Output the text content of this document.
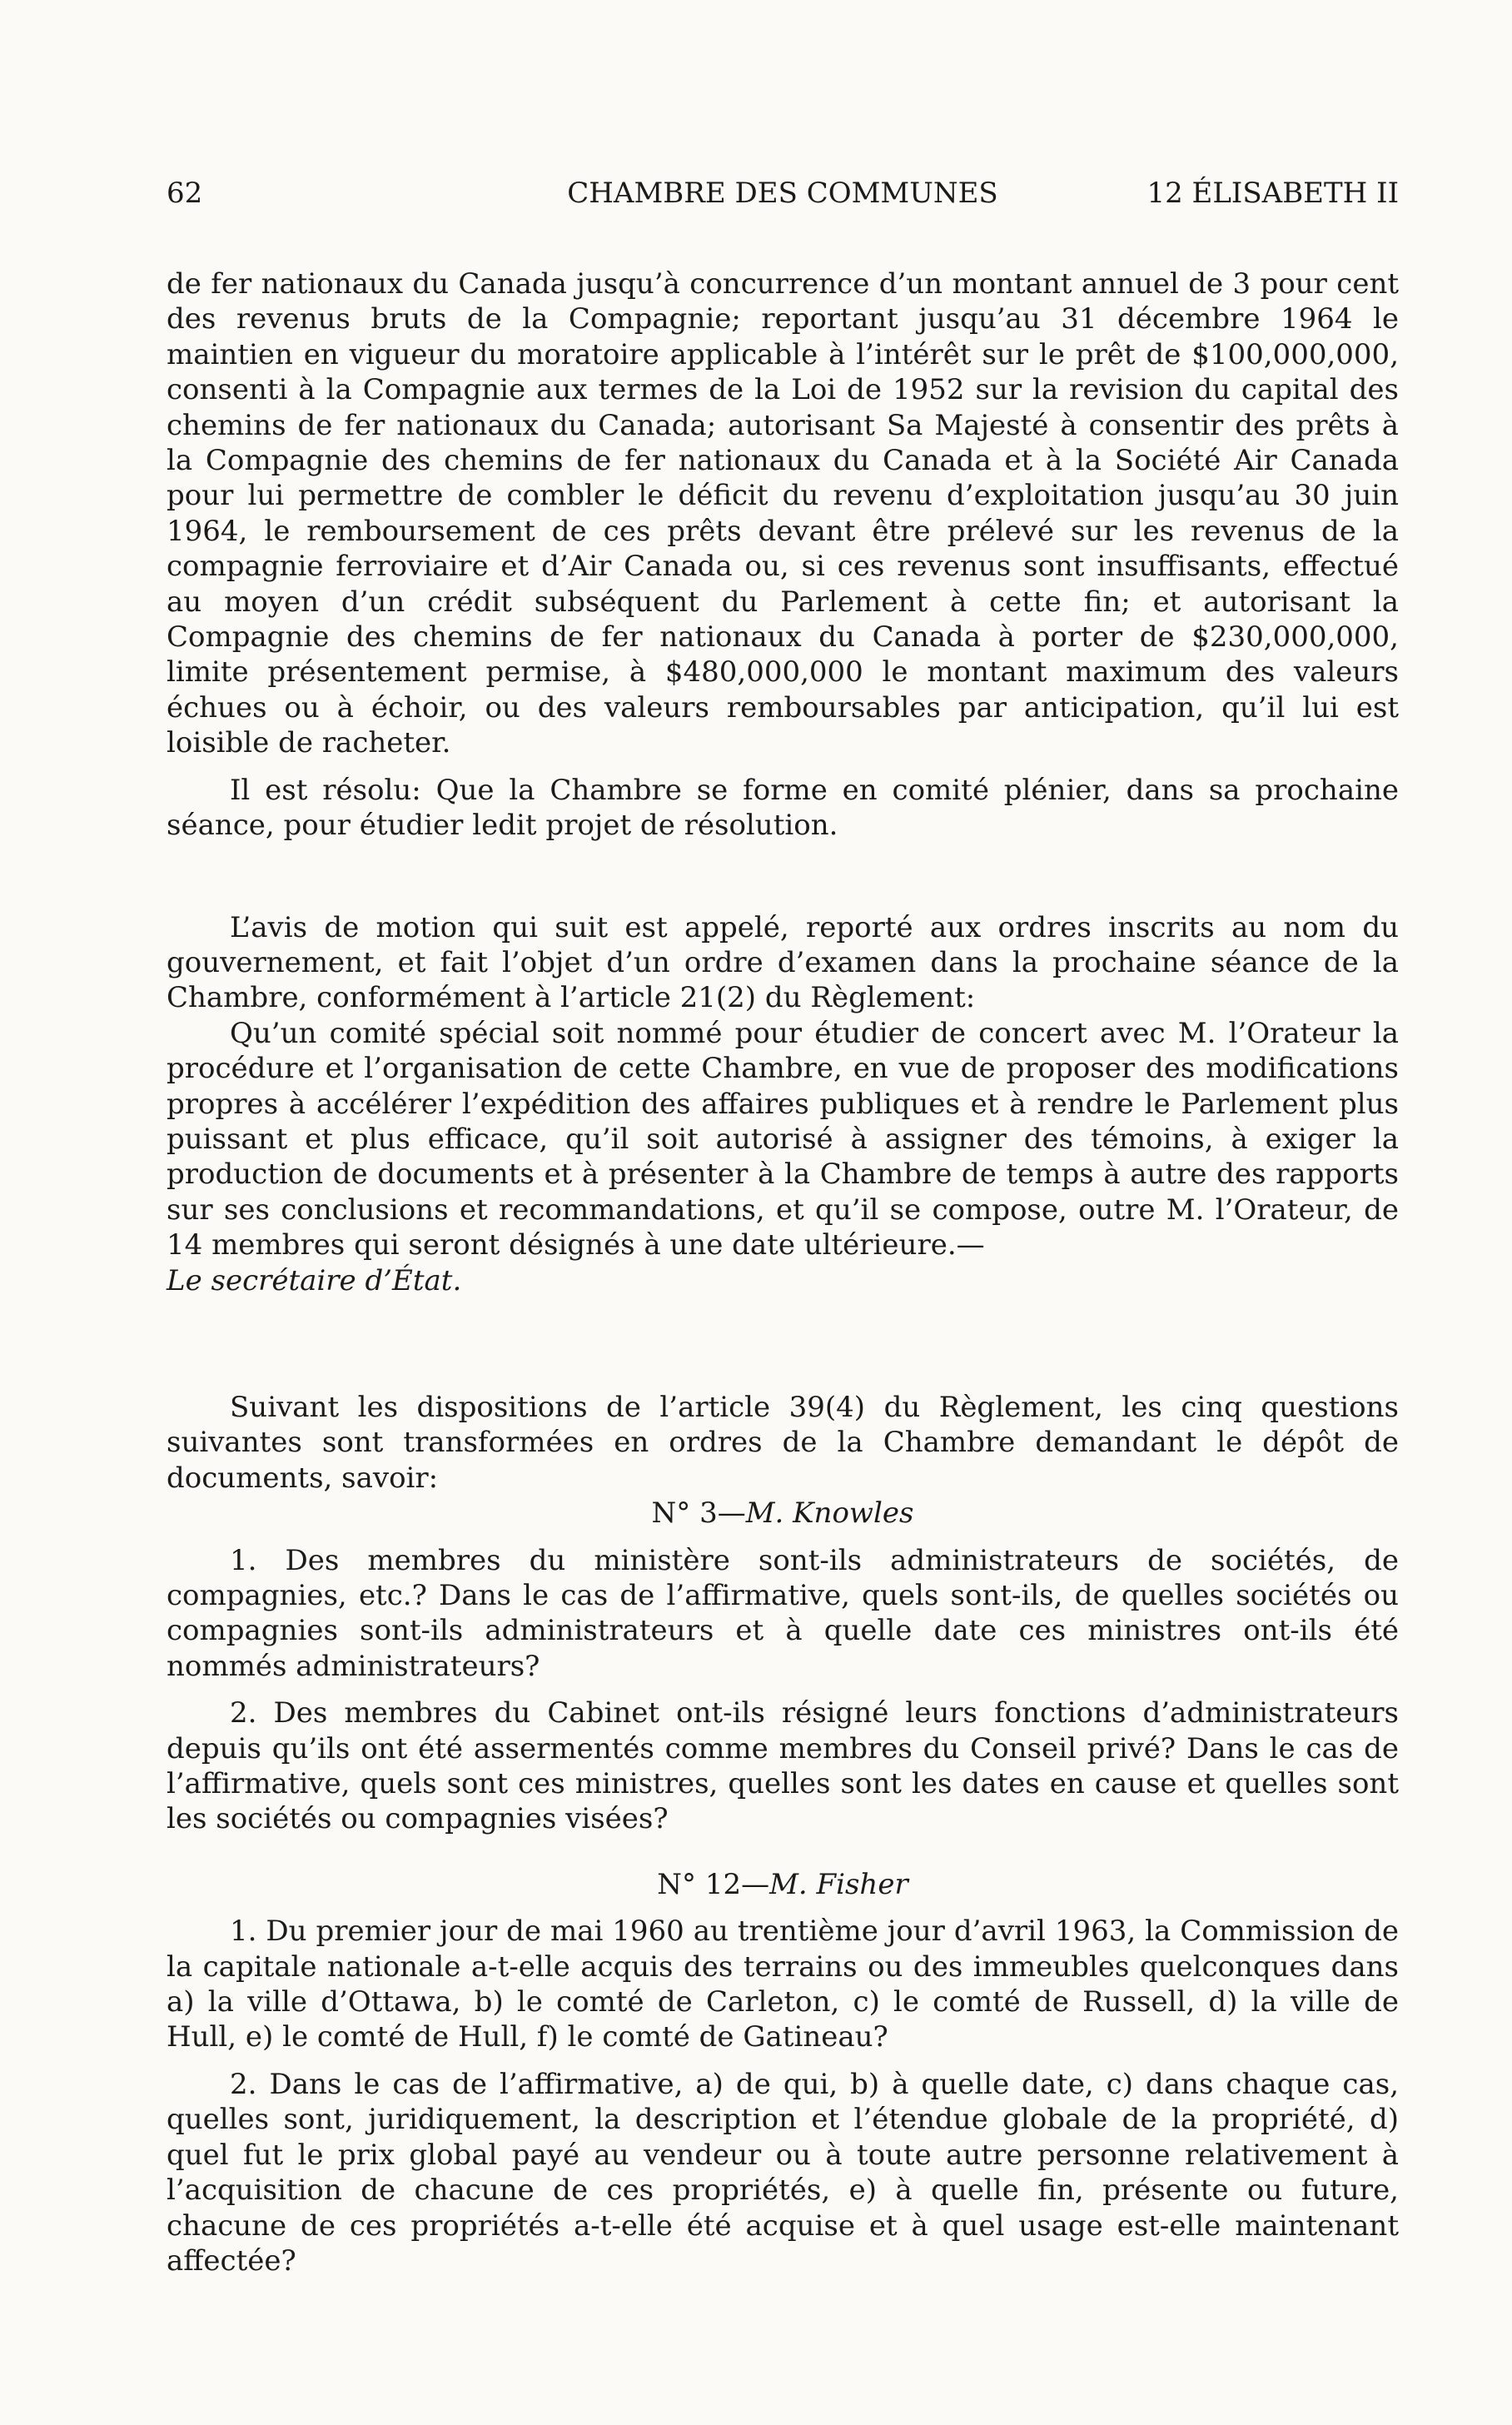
62	CHAMBRE DES COMMUNES	12 ÉLISABETH II

de fer nationaux du Canada jusqu’à concurrence d’un montant annuel de 3 pour cent des revenus bruts de la Compagnie; reportant jusqu’au 31 décembre 1964 le maintien en vigueur du moratoire applicable à l’intérêt sur le prêt de $100,000,000, consenti à la Compagnie aux termes de la Loi de 1952 sur la revision du capital des chemins de fer nationaux du Canada; autorisant Sa Majesté à consentir des prêts à la Compagnie des chemins de fer nationaux du Canada et à la Société Air Canada pour lui permettre de combler le déficit du revenu d’exploitation jusqu’au 30 juin 1964, le remboursement de ces prêts devant être prélevé sur les revenus de la compagnie ferroviaire et d’Air Canada ou, si ces revenus sont insuffisants, effectué au moyen d’un crédit subséquent du Parlement à cette fin; et autorisant la Compagnie des chemins de fer nationaux du Canada à porter de $230,000,000, limite présentement permise, à $480,000,000 le montant maximum des valeurs échues ou à échoir, ou des valeurs remboursables par anticipation, qu’il lui est loisible de racheter.

Il est résolu: Que la Chambre se forme en comité plénier, dans sa prochaine séance, pour étudier ledit projet de résolution.

L’avis de motion qui suit est appelé, reporté aux ordres inscrits au nom du gouvernement, et fait l’objet d’un ordre d’examen dans la prochaine séance de la Chambre, conformément à l’article 21(2) du Règlement:

Qu’un comité spécial soit nommé pour étudier de concert avec M. l’Orateur la procédure et l’organisation de cette Chambre, en vue de proposer des modifications propres à accélérer l’expédition des affaires publiques et à rendre le Parlement plus puissant et plus efficace, qu’il soit autorisé à assigner des témoins, à exiger la production de documents et à présenter à la Chambre de temps à autre des rapports sur ses conclusions et recommandations, et qu’il se compose, outre M. l’Orateur, de 14 membres qui seront désignés à une date ultérieure.—
Le secrétaire d’État.

Suivant les dispositions de l’article 39(4) du Règlement, les cinq questions suivantes sont transformées en ordres de la Chambre demandant le dépôt de documents, savoir:

N° 3—M. Knowles

1. Des membres du ministère sont-ils administrateurs de sociétés, de compagnies, etc.? Dans le cas de l’affirmative, quels sont-ils, de quelles sociétés ou compagnies sont-ils administrateurs et à quelle date ces ministres ont-ils été nommés administrateurs?

2. Des membres du Cabinet ont-ils résigné leurs fonctions d’administrateurs depuis qu’ils ont été assermentés comme membres du Conseil privé? Dans le cas de l’affirmative, quels sont ces ministres, quelles sont les dates en cause et quelles sont les sociétés ou compagnies visées?

N° 12—M. Fisher

1. Du premier jour de mai 1960 au trentième jour d’avril 1963, la Commission de la capitale nationale a-t-elle acquis des terrains ou des immeubles quelconques dans a) la ville d’Ottawa, b) le comté de Carleton, c) le comté de Russell, d) la ville de Hull, e) le comté de Hull, f) le comté de Gatineau?

2. Dans le cas de l’affirmative, a) de qui, b) à quelle date, c) dans chaque cas, quelles sont, juridiquement, la description et l’étendue globale de la propriété, d) quel fut le prix global payé au vendeur ou à toute autre personne relativement à l’acquisition de chacune de ces propriétés, e) à quelle fin, présente ou future, chacune de ces propriétés a-t-elle été acquise et à quel usage est-elle maintenant affectée?
